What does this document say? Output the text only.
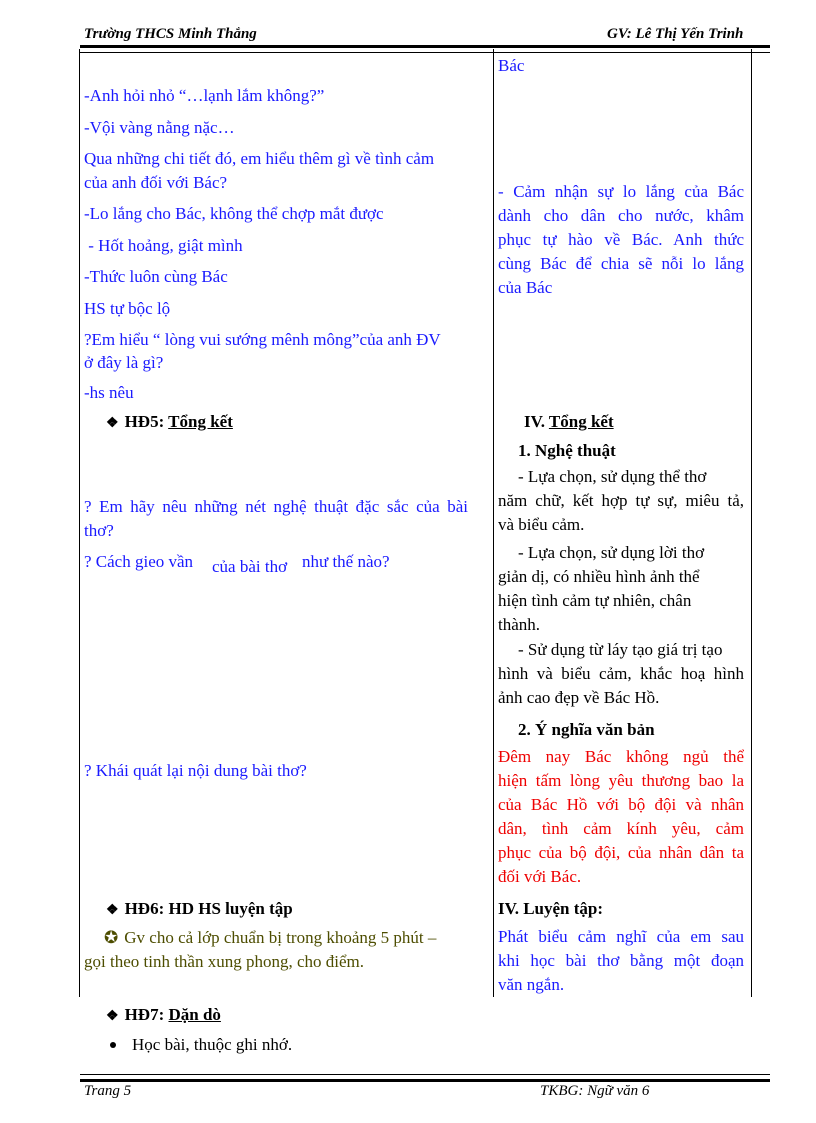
Trường THCS Minh Thắng	GV: Lê Thị Yến Trinh
-Anh hỏi nhỏ “…lạnh lắm không?”
-Vội vàng nằng nặc…
Qua những chi tiết đó, em hiểu thêm gì về tình cảm
của anh đối với Bác?
-Lo lắng cho Bác, không thể chợp mắt được
- Hốt hoảng, giật mình
-Thức luôn cùng Bác
HS tự bộc lộ
?Em hiểu “ lòng vui sướng mênh mông”của anh ĐV
ở đây là gì?
-hs nêu
❖ HĐ5: Tổng kết
? Em hãy nêu những nét nghệ thuật đặc sắc của bài
thơ?
? Cách gieo vần của bài thơ như thế nào?
? Khái quát lại nội dung bài thơ?
❖ HĐ6: HD HS luyện tập
✪ Gv cho cả lớp chuẩn bị trong khoảng 5 phút –
gọi theo tinh thần xung phong, cho điểm.
Bác
- Cảm nhận sự lo lắng của Bác
dành cho dân cho nước, khâm
phục tự hào về Bác. Anh thức
cùng Bác để chia sẽ nỗi lo lắng
của Bác
IV. Tổng kết
1. Nghệ thuật
- Lựa chọn, sử dụng thể thơ
năm chữ, kết hợp tự sự, miêu tả,
và biểu cảm.
- Lựa chọn, sử dụng lời thơ
giản dị, có nhiều hình ảnh thể
hiện tình cảm tự nhiên, chân
thành.
- Sử dụng từ láy tạo giá trị tạo
hình và biểu cảm, khắc hoạ hình
ảnh cao đẹp về Bác Hồ.
2. Ý nghĩa văn bản
Đêm nay Bác không ngủ thể
hiện tấm lòng yêu thương bao la
của Bác Hồ với bộ đội và nhân
dân, tình cảm kính yêu, cảm
phục của bộ đội, của nhân dân ta
đối với Bác.
IV. Luyện tập:
Phát biểu cảm nghĩ của em sau
khi học bài thơ bằng một đoạn
văn ngắn.
❖ HĐ7: Dặn dò
Học bài, thuộc ghi nhớ.
Trang 5	TKBG: Ngữ văn 6
